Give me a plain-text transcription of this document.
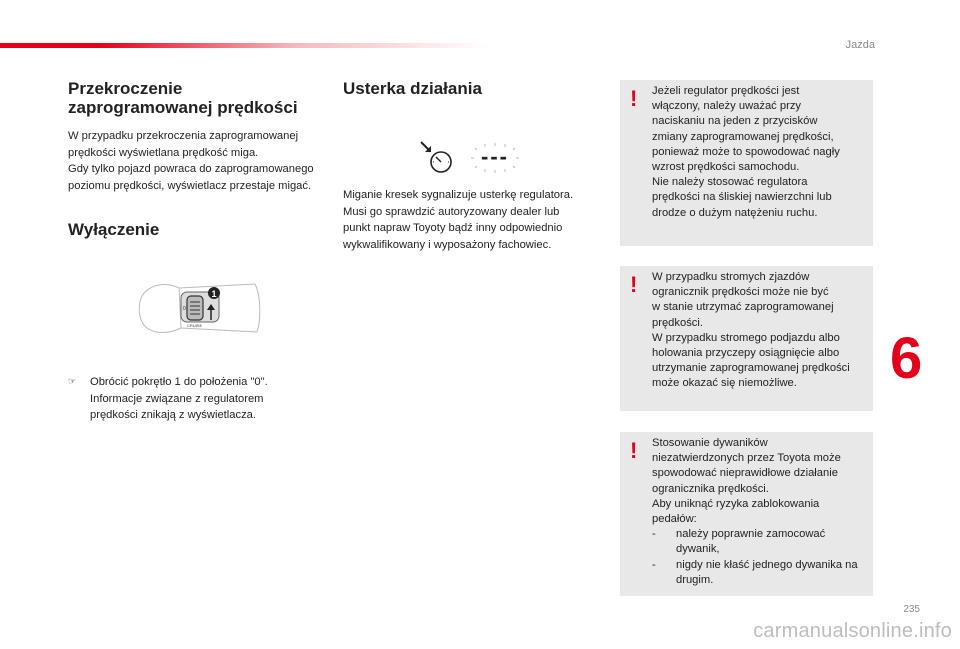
Jazda
Przekroczenie
zaprogramowanej prędkości
W przypadku przekroczenia zaprogramowanej
prędkości wyświetlana prędkość miga.
Gdy tylko pojazd powraca do zaprogramowanego
poziomu prędkości, wyświetlacz przestaje migać.
Wyłączenie
1
0
CRUISE
☞	Obrócić pokrętło 1 do położenia "0".
Informacje związane z regulatorem
prędkości znikają z wyświetlacza.
Usterka działania
---
Miganie kresek sygnalizuje usterkę regulatora.
Musi go sprawdzić autoryzowany dealer lub
punkt napraw Toyoty bądź inny odpowiednio
wykwalifikowany i wyposażony fachowiec.
! Jeżeli regulator prędkości jest
włączony, należy uważać przy
naciskaniu na jeden z przycisków
zmiany zaprogramowanej prędkości,
ponieważ może to spowodować nagły
wzrost prędkości samochodu.
Nie należy stosować regulatora
prędkości na śliskiej nawierzchni lub
drodze o dużym natężeniu ruchu.
! W przypadku stromych zjazdów
ogranicznik prędkości może nie być
w stanie utrzymać zaprogramowanej
prędkości.
W przypadku stromego podjazdu albo
holowania przyczepy osiągnięcie albo
utrzymanie zaprogramowanej prędkości
może okazać się niemożliwe.
! Stosowanie dywaników
niezatwierdzonych przez Toyota może
spowodować nieprawidłowe działanie
ogranicznika prędkości.
Aby uniknąć ryzyka zablokowania
pedałów:
-	należy poprawnie zamocować dywanik,
-	nigdy nie kłaść jednego dywanika na drugim.
6
235
carmanualsonline.info
